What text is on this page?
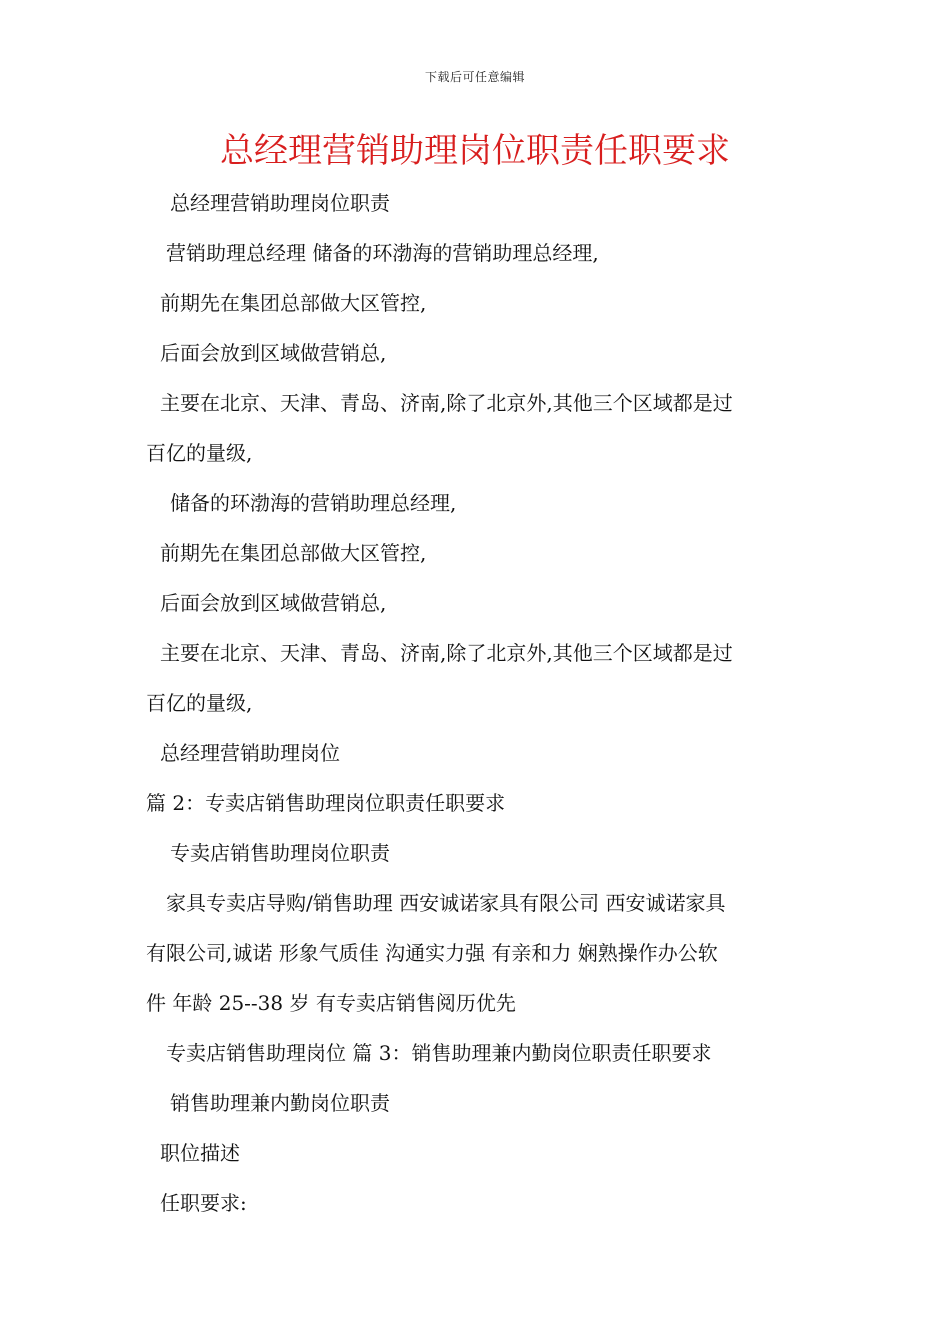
下载后可任意编辑
总经理营销助理岗位职责任职要求
总经理营销助理岗位职责
营销助理总经理 储备的环渤海的营销助理总经理,
前期先在集团总部做大区管控,
后面会放到区域做营销总,
主要在北京、天津、青岛、济南,除了北京外,其他三个区域都是过
百亿的量级,
储备的环渤海的营销助理总经理,
前期先在集团总部做大区管控,
后面会放到区域做营销总,
主要在北京、天津、青岛、济南,除了北京外,其他三个区域都是过
百亿的量级,
总经理营销助理岗位
篇 2：专卖店销售助理岗位职责任职要求
专卖店销售助理岗位职责
家具专卖店导购/销售助理 西安诚诺家具有限公司 西安诚诺家具
有限公司,诚诺 形象气质佳 沟通实力强 有亲和力 娴熟操作办公软
件 年龄 25--38 岁 有专卖店销售阅历优先
专卖店销售助理岗位 篇 3：销售助理兼内勤岗位职责任职要求
销售助理兼内勤岗位职责
职位描述
任职要求:
